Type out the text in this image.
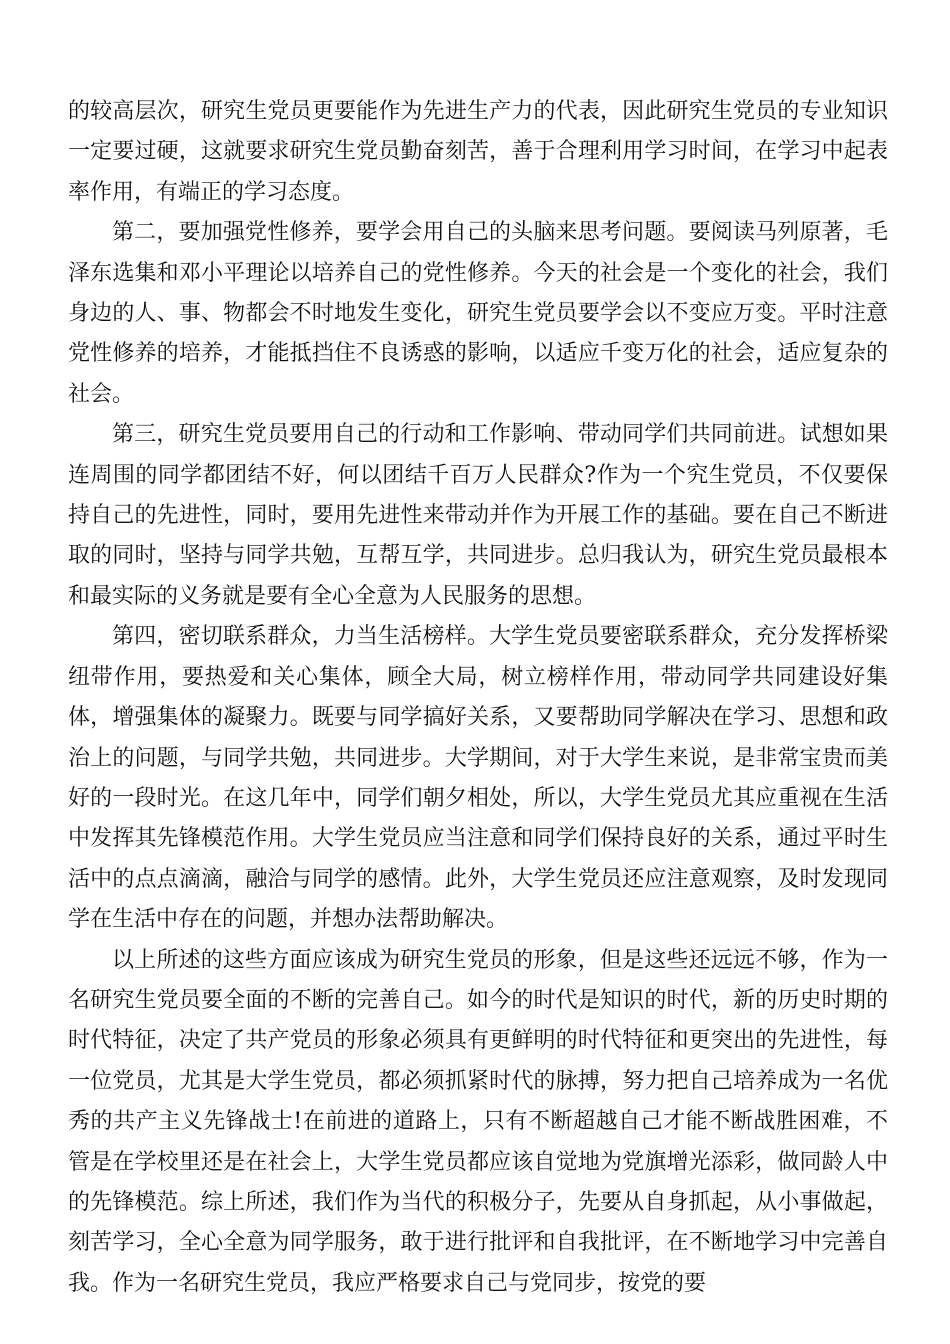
的较高层次，研究生党员更要能作为先进生产力的代表，因此研究生党员的专业知识一定要过硬，这就要求研究生党员勤奋刻苦，善于合理利用学习时间，在学习中起表率作用，有端正的学习态度。

第二，要加强党性修养，要学会用自己的头脑来思考问题。要阅读马列原著，毛泽东选集和邓小平理论以培养自己的党性修养。今天的社会是一个变化的社会，我们身边的人、事、物都会不时地发生变化，研究生党员要学会以不变应万变。平时注意党性修养的培养，才能抵挡住不良诱惑的影响，以适应千变万化的社会，适应复杂的社会。

第三，研究生党员要用自己的行动和工作影响、带动同学们共同前进。试想如果连周围的同学都团结不好，何以团结千百万人民群众?作为一个究生党员，不仅要保持自己的先进性，同时，要用先进性来带动并作为开展工作的基础。要在自己不断进取的同时，坚持与同学共勉，互帮互学，共同进步。总归我认为，研究生党员最根本和最实际的义务就是要有全心全意为人民服务的思想。

第四，密切联系群众，力当生活榜样。大学生党员要密联系群众，充分发挥桥梁纽带作用，要热爱和关心集体，顾全大局，树立榜样作用，带动同学共同建设好集体，增强集体的凝聚力。既要与同学搞好关系，又要帮助同学解决在学习、思想和政治上的问题，与同学共勉，共同进步。大学期间，对于大学生来说，是非常宝贵而美好的一段时光。在这几年中，同学们朝夕相处，所以，大学生党员尤其应重视在生活中发挥其先锋模范作用。大学生党员应当注意和同学们保持良好的关系，通过平时生活中的点点滴滴，融洽与同学的感情。此外，大学生党员还应注意观察，及时发现同学在生活中存在的问题，并想办法帮助解决。

以上所述的这些方面应该成为研究生党员的形象，但是这些还远远不够，作为一名研究生党员要全面的不断的完善自己。如今的时代是知识的时代，新的历史时期的时代特征，决定了共产党员的形象必须具有更鲜明的时代特征和更突出的先进性，每一位党员，尤其是大学生党员，都必须抓紧时代的脉搏，努力把自己培养成为一名优秀的共产主义先锋战士!在前进的道路上，只有不断超越自己才能不断战胜困难，不管是在学校里还是在社会上，大学生党员都应该自觉地为党旗增光添彩，做同龄人中的先锋模范。综上所述，我们作为当代的积极分子，先要从自身抓起，从小事做起，刻苦学习，全心全意为同学服务，敢于进行批评和自我批评，在不断地学习中完善自我。作为一名研究生党员，我应严格要求自己与党同步，按党的要
